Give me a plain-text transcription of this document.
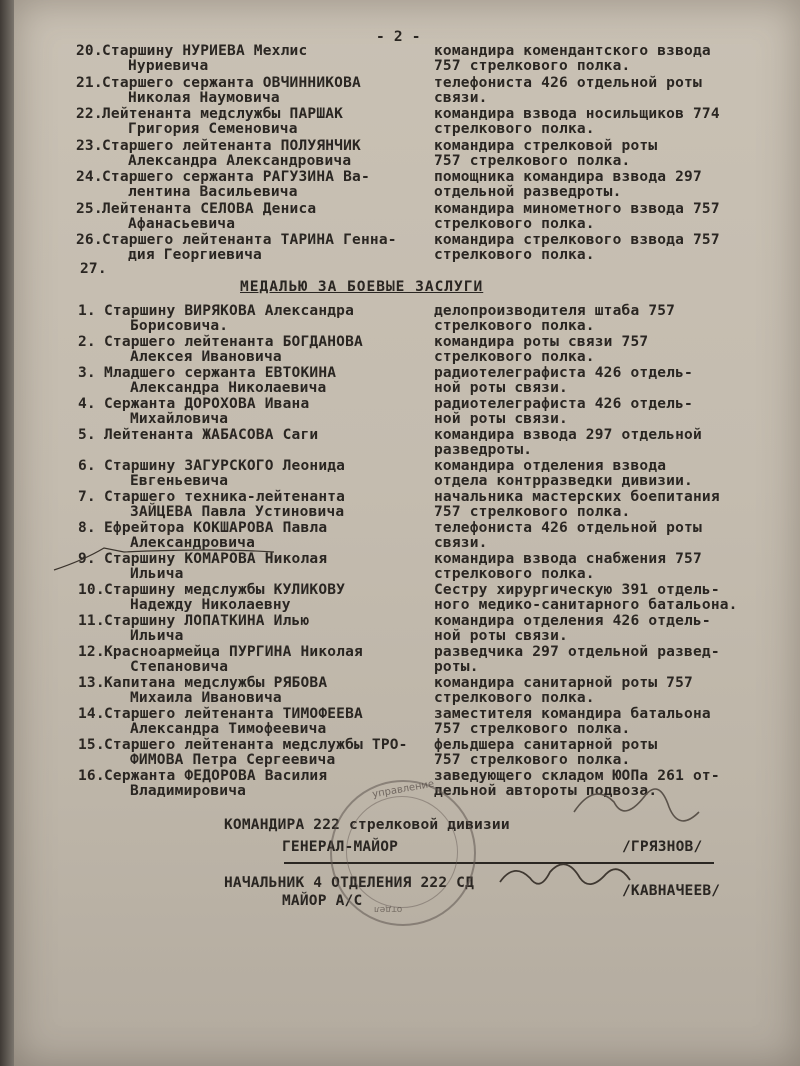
- 2 -
20. Старшину НУРИЕВА Мехлис
Нуриевича
командира комендантского взвода
757 стрелкового полка.
21. Старшего сержанта ОВЧИННИКОВА
Николая Наумовича
телефониста 426 отдельной роты
связи.
22. Лейтенанта медслужбы ПАРШАК
Григория Семеновича
командира взвода носильщиков 774
стрелкового полка.
23. Старшего лейтенанта ПОЛУЯНЧИК
Александра Александровича
командира стрелковой роты
757 стрелкового полка.
24. Старшего сержанта РАГУЗИНА Ва-
лентина Васильевича
помощника командира взвода 297
отдельной разведроты.
25. Лейтенанта СЕЛОВА Дениса
Афанасьевича
командира минометного взвода 757
стрелкового полка.
26. Старшего лейтенанта ТАРИНА Генна-
дия Георгиевича
командира стрелкового взвода 757
стрелкового полка.
27.
МЕДАЛЬЮ ЗА БОЕВЫЕ ЗАСЛУГИ
1. Старшину ВИРЯКОВА Александра
Борисовича.
делопроизводителя штаба 757
стрелкового полка.
2. Старшего лейтенанта БОГДАНОВА
Алексея Ивановича
командира роты связи 757
стрелкового полка.
3. Младшего сержанта ЕВТОКИНА
Александра Николаевича
радиотелеграфиста 426 отдель-
ной роты связи.
4. Сержанта ДОРОХОВА Ивана
Михайловича
радиотелеграфиста 426 отдель-
ной роты связи.
5. Лейтенанта ЖАБАСОВА Саги	командира взвода 297 отдельной
разведроты.
6. Старшину ЗАГУРСКОГО Леонида
Евгеньевича
командира отделения взвода
отдела контрразведки дивизии.
7. Старшего техника-лейтенанта
ЗАЙЦЕВА Павла Устиновича
начальника мастерских боепитания
757 стрелкового полка.
8. Ефрейтора КОКШАРОВА Павла
Александровича
телефониста 426 отдельной роты
связи.
9. Старшину КОМАРОВА Николая
Ильича
командира взвода снабжения 757
стрелкового полка.
10. Старшину медслужбы КУЛИКОВУ
Надежду Николаевну
Сестру хирургическую 391 отдель-
ного медико-санитарного батальона.
11. Старшину ЛОПАТКИНА Илью
Ильича
командира отделения 426 отдель-
ной роты связи.
12. Красноармейца ПУРГИНА Николая
Степановича
разведчика 297 отдельной развед-
роты.
13. Капитана медслужбы РЯБОВА
Михаила Ивановича
командира санитарной роты 757
стрелкового полка.
14. Старшего лейтенанта ТИМОФЕЕВА
Александра Тимофеевича
заместителя командира батальона
757 стрелкового полка.
15. Старшего лейтенанта медслужбы ТРО-
ФИМОВА Петра Сергеевича
фельдшера санитарной роты
757 стрелкового полка.
16. Сержанта ФЕДОРОВА Василия
Владимировича
заведующего складом ЮОПа 261 от-
дельной автороты подвоза.
КОМАНДИРА 222 стрелковой дивизии
ГЕНЕРАЛ-МАЙОР	/ГРЯЗНОВ/
НАЧАЛЬНИК 4 ОТДЕЛЕНИЯ 222 СД
МАЙОР А/С
/КАВНАЧЕЕВ/
управление
отдел
